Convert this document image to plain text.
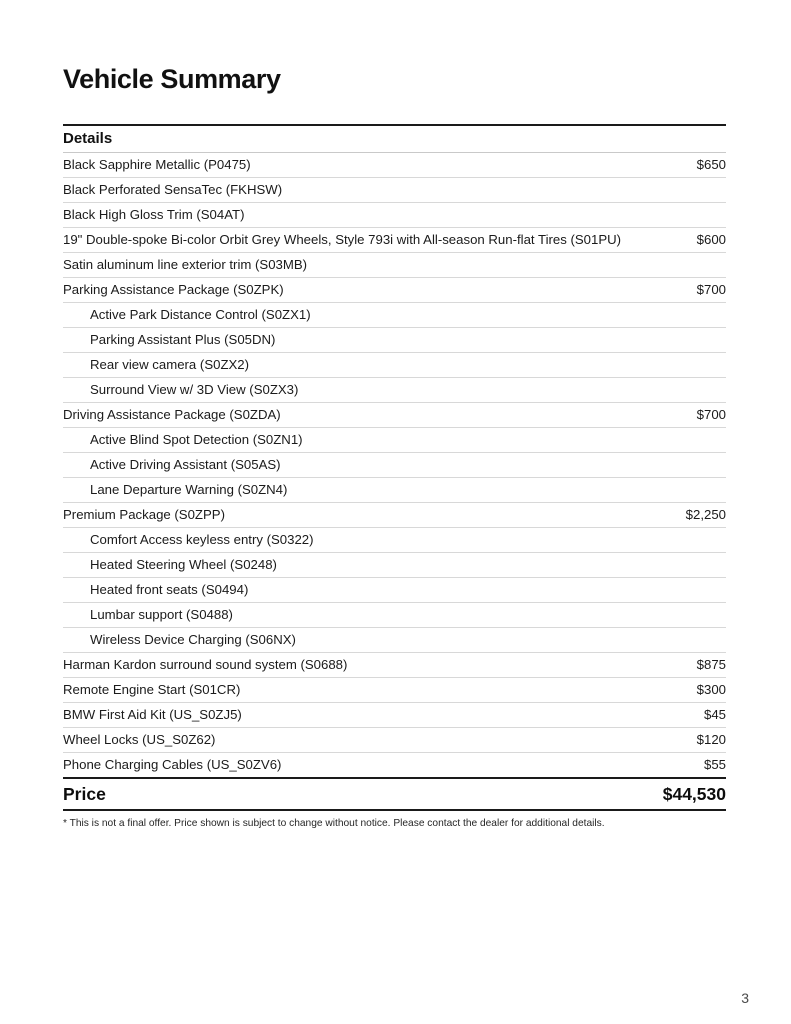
Vehicle Summary
Details
Black Sapphire Metallic (P0475)	$650
Black Perforated SensaTec (FKHSW)
Black High Gloss Trim (S04AT)
19" Double-spoke Bi-color Orbit Grey Wheels, Style 793i with All-season Run-flat Tires (S01PU)	$600
Satin aluminum line exterior trim (S03MB)
Parking Assistance Package (S0ZPK)	$700
Active Park Distance Control (S0ZX1)
Parking Assistant Plus (S05DN)
Rear view camera (S0ZX2)
Surround View w/ 3D View (S0ZX3)
Driving Assistance Package (S0ZDA)	$700
Active Blind Spot Detection (S0ZN1)
Active Driving Assistant (S05AS)
Lane Departure Warning (S0ZN4)
Premium Package (S0ZPP)	$2,250
Comfort Access keyless entry (S0322)
Heated Steering Wheel (S0248)
Heated front seats (S0494)
Lumbar support (S0488)
Wireless Device Charging (S06NX)
Harman Kardon surround sound system (S0688)	$875
Remote Engine Start (S01CR)	$300
BMW First Aid Kit (US_S0ZJ5)	$45
Wheel Locks (US_S0Z62)	$120
Phone Charging Cables (US_S0ZV6)	$55
Price	$44,530
* This is not a final offer. Price shown is subject to change without notice. Please contact the dealer for additional details.
3
